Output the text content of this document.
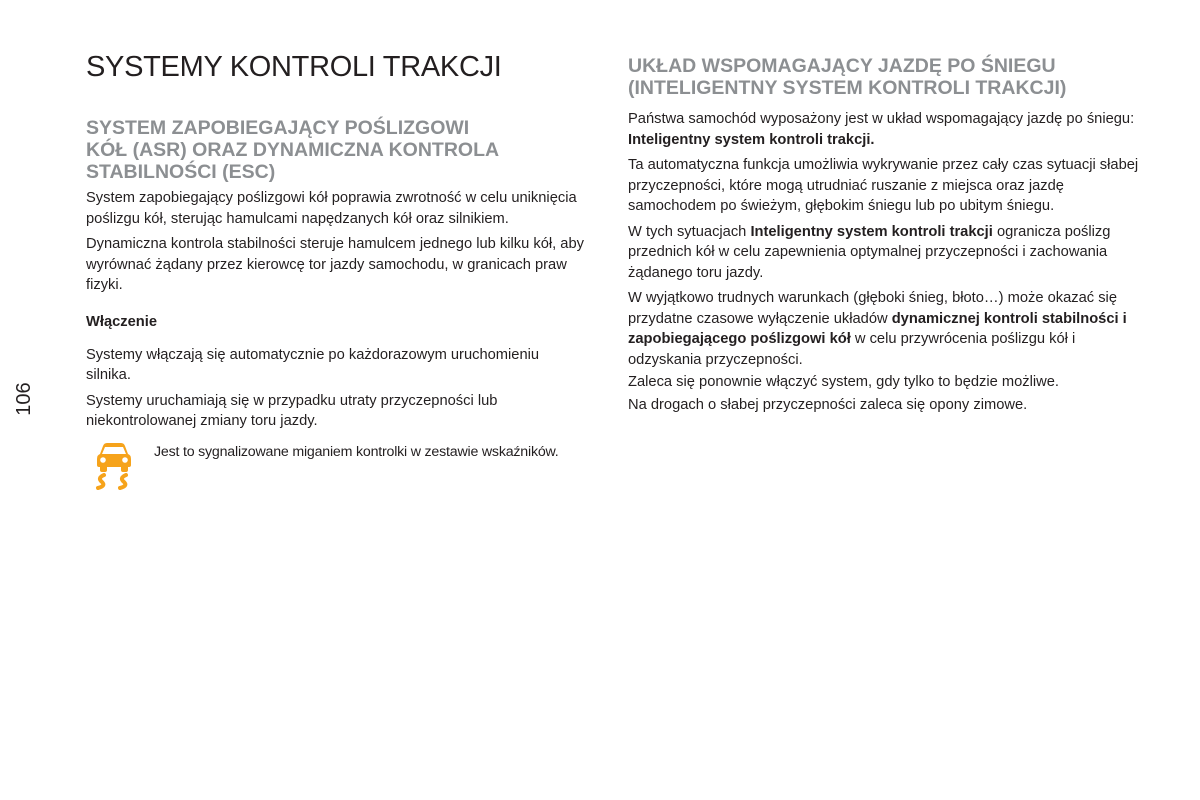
106
SYSTEMY KONTROLI TRAKCJI
SYSTEM ZAPOBIEGAJĄCY POŚLIZGOWI
KÓŁ (ASR) ORAZ DYNAMICZNA KONTROLA
STABILNOŚCI (ESC)

System zapobiegający poślizgowi kół poprawia zwrotność w celu uniknięcia poślizgu kół, sterując hamulcami napędzanych kół oraz silnikiem.

Dynamiczna kontrola stabilności steruje hamulcem jednego lub kilku kół, aby wyrównać żądany przez kierowcę tor jazdy samochodu, w granicach praw fizyki.

Włączenie

Systemy włączają się automatycznie po każdorazowym uruchomieniu silnika.

Systemy uruchamiają się w przypadku utraty przyczepności lub niekontrolowanej zmiany toru jazdy.

Jest to sygnalizowane miganiem kontrolki w zestawie wskaźników.
UKŁAD WSPOMAGAJĄCY JAZDĘ PO ŚNIEGU
(INTELIGENTNY SYSTEM KONTROLI TRAKCJI)

Państwa samochód wyposażony jest w układ wspomagający jazdę po śniegu: Inteligentny system kontroli trakcji.

Ta automatyczna funkcja umożliwia wykrywanie przez cały czas sytuacji słabej przyczepności, które mogą utrudniać ruszanie z miejsca oraz jazdę samochodem po świeżym, głębokim śniegu lub po ubitym śniegu.

W tych sytuacjach Inteligentny system kontroli trakcji ogranicza poślizg przednich kół w celu zapewnienia optymalnej przyczepności i zachowania żądanego toru jazdy.

W wyjątkowo trudnych warunkach (głęboki śnieg, błoto…) może okazać się przydatne czasowe wyłączenie układów dynamicznej kontroli stabilności i zapobiegającego poślizgowi kół w celu przywrócenia poślizgu kół i odzyskania przyczepności.

Zaleca się ponownie włączyć system, gdy tylko to będzie możliwe.

Na drogach o słabej przyczepności zaleca się opony zimowe.
